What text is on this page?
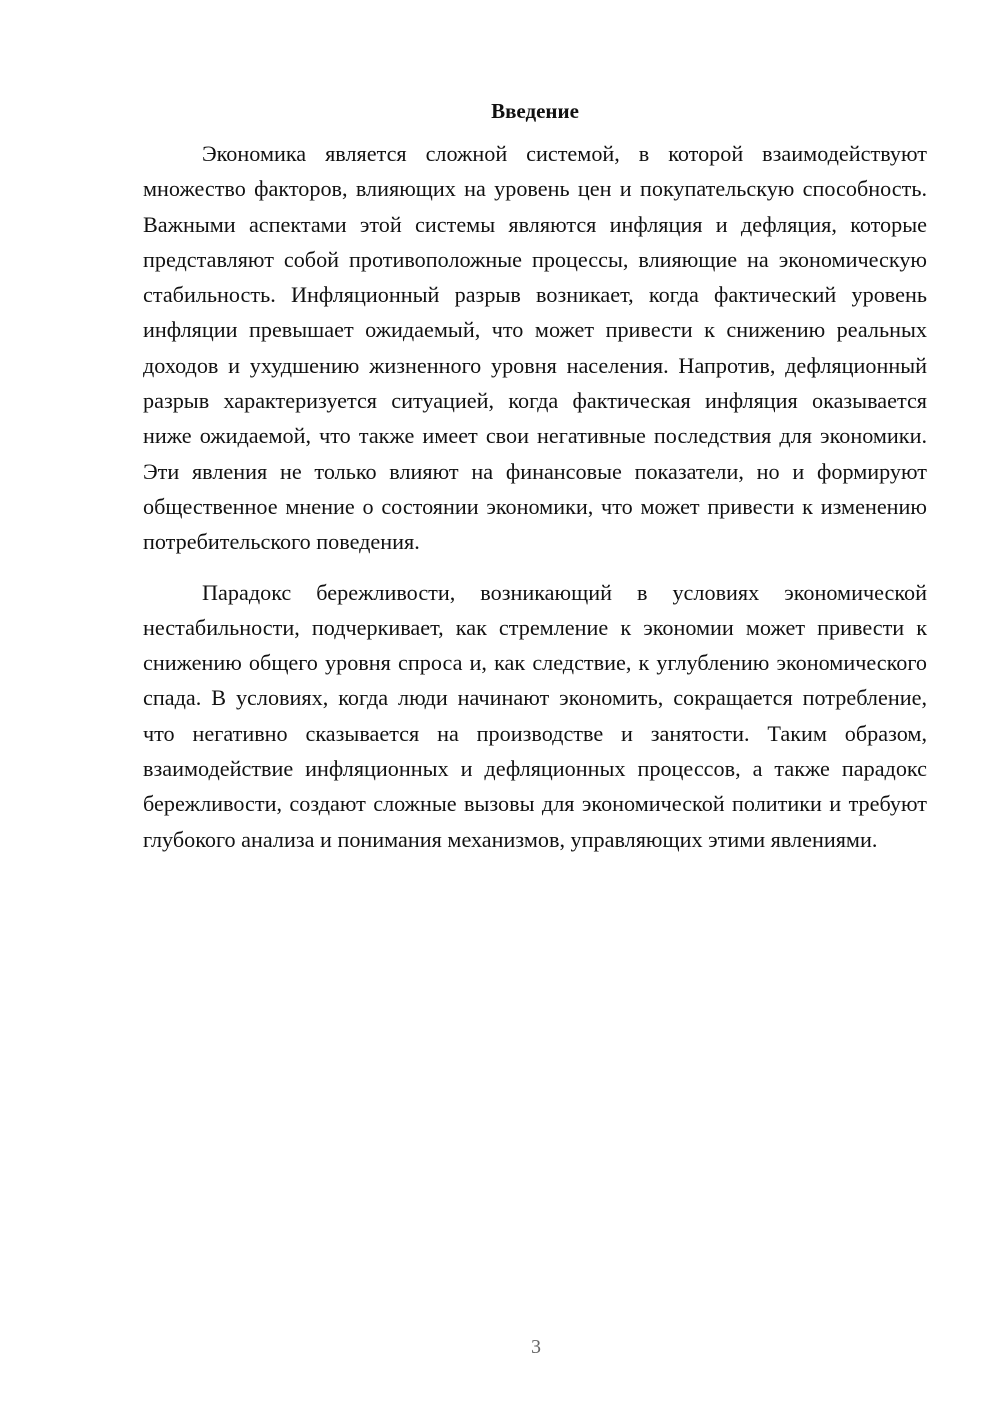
Введение

Экономика является сложной системой, в которой взаимодействуют множество факторов, влияющих на уровень цен и покупательскую способность. Важными аспектами этой системы являются инфляция и дефляция, которые представляют собой противоположные процессы, влияющие на экономическую стабильность. Инфляционный разрыв возникает, когда фактический уровень инфляции превышает ожидаемый, что может привести к снижению реальных доходов и ухудшению жизненного уровня населения. Напротив, дефляционный разрыв характеризуется ситуацией, когда фактическая инфляция оказывается ниже ожидаемой, что также имеет свои негативные последствия для экономики. Эти явления не только влияют на финансовые показатели, но и формируют общественное мнение о состоянии экономики, что может привести к изменению потребительского поведения.

Парадокс бережливости, возникающий в условиях экономической нестабильности, подчеркивает, как стремление к экономии может привести к снижению общего уровня спроса и, как следствие, к углублению экономического спада. В условиях, когда люди начинают экономить, сокращается потребление, что негативно сказывается на производстве и занятости. Таким образом, взаимодействие инфляционных и дефляционных процессов, а также парадокс бережливости, создают сложные вызовы для экономической политики и требуют глубокого анализа и понимания механизмов, управляющих этими явлениями.

3
